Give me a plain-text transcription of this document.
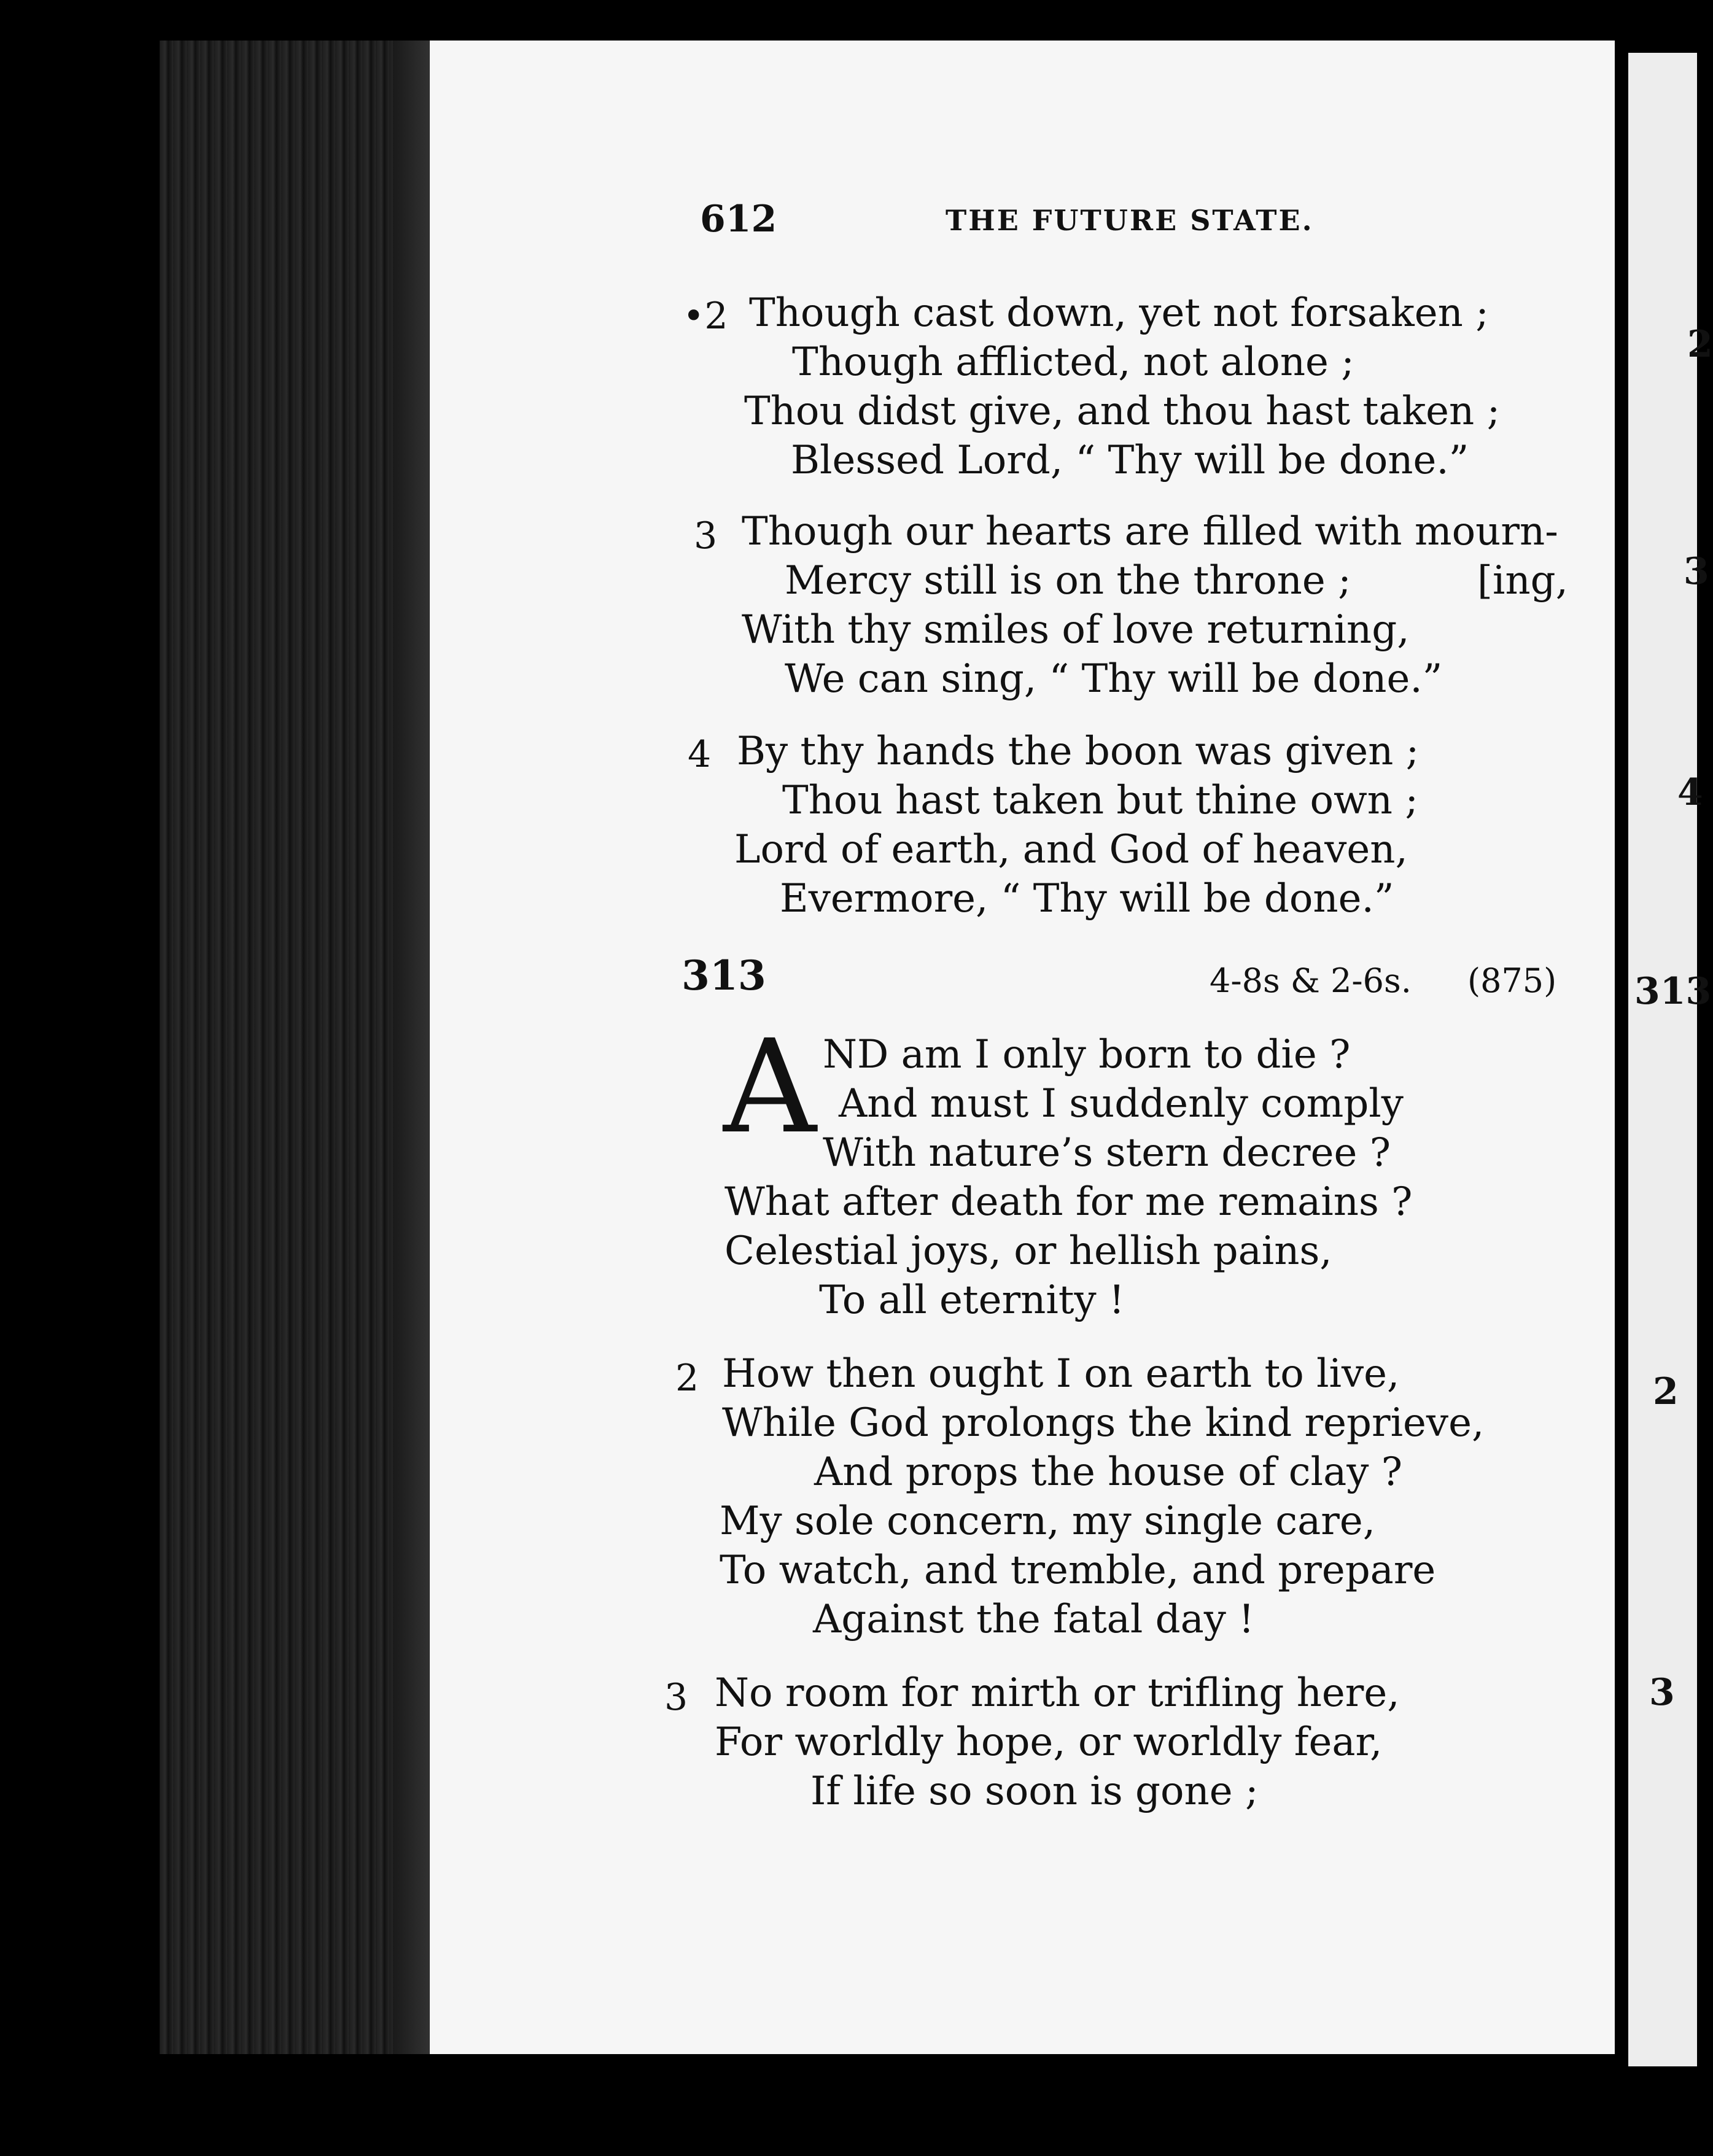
612	THE FUTURE STATE.
•2 Though cast down, yet not forsaken ;
Though afflicted, not alone ;
Thou didst give, and thou hast taken ;
Blessed Lord, “ Thy will be done.”
3 Though our hearts are filled with mourn-
Mercy still is on the throne ;	[ing,
With thy smiles of love returning,
We can sing, “ Thy will be done.”
4 By thy hands the boon was given ;
Thou hast taken but thine own ;
Lord of earth, and God of heaven,
Evermore, “ Thy will be done.”
313	4-8s & 2-6s. (875)
A ND am I only born to die ?
And must I suddenly comply
With nature’s stern decree ?
What after death for me remains ?
Celestial joys, or hellish pains,
To all eternity !
2 How then ought I on earth to live,
While God prolongs the kind reprieve,
And props the house of clay ?
My sole concern, my single care,
To watch, and tremble, and prepare
Against the fatal day !
3 No room for mirth or trifling here,
For worldly hope, or worldly fear,
If life so soon is gone ;
2
3
4
313
2
3
